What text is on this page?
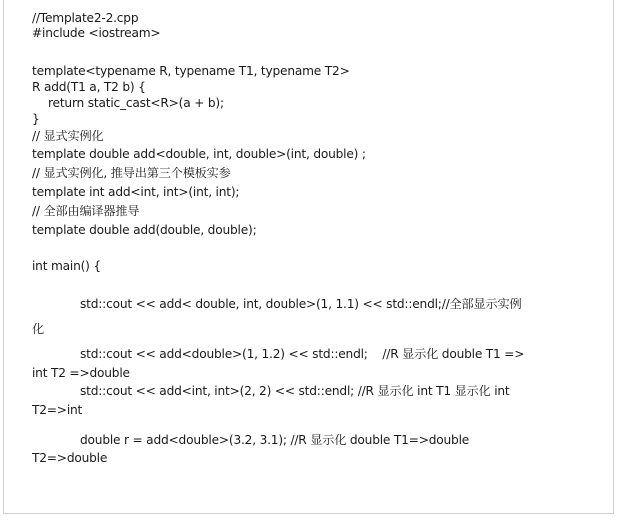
//Template2-2.cpp
#include <iostream>
template<typename R, typename T1, typename T2>
R add(T1 a, T2 b) {
return static_cast<R>(a + b);
}
// 显式实例化
template double add<double, int, double>(int, double) ;
// 显式实例化, 推导出第三个模板实参
template int add<int, int>(int, int);
// 全部由编译器推导
template double add(double, double);
int main() {
std::cout << add< double, int, double>(1, 1.1) << std::endl;//全部显示实例
化
std::cout << add<double>(1, 1.2) << std::endl;    //R 显示化 double T1 =>
int T2 =>double
std::cout << add<int, int>(2, 2) << std::endl; //R 显示化 int T1 显示化 int
T2=>int
double r = add<double>(3.2, 3.1); //R 显示化 double T1=>double
T2=>double
